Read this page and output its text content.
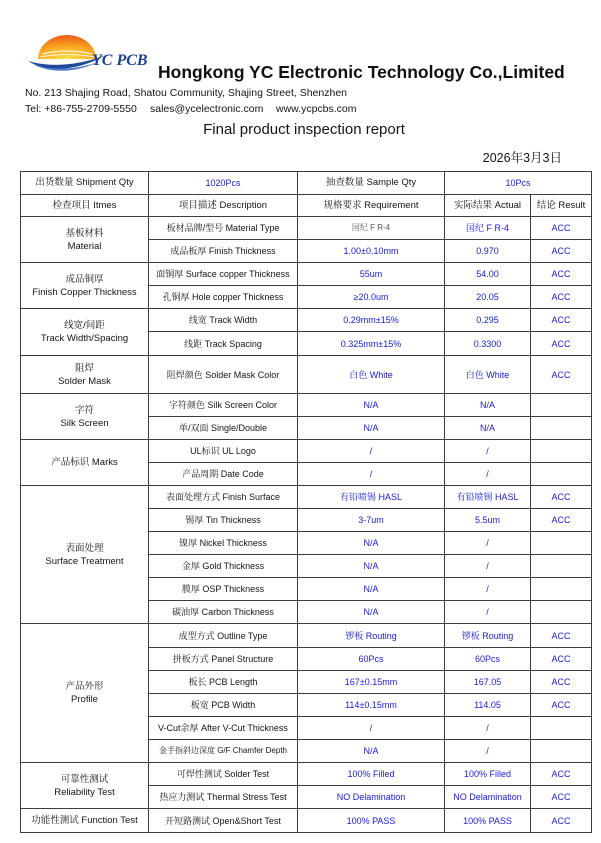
YC PCB
Hongkong YC Electronic Technology Co.,Limited
No. 213 Shajing Road, Shatou Community, Shajing Street, Shenzhen
Tel: +86-755-2709-5550 sales@ycelectronic.com www.ycpcbs.com
Final product inspection report
2026年3月3日
出货数量 Shipment Qty	1020Pcs	抽查数量 Sample Qty	10Pcs	
检查项目 Itmes	项目描述 Description	规格要求 Requirement	实际结果 Actual	结论 Result

基板材料
Material	板材品牌/型号 Material Type	国纪 F R-4	国纪 F R-4	ACC
	成品板厚 Finish Thickness	1.00±0.10mm	0.970	ACC

成品铜厚
Finish Copper Thickness	面铜厚 Surface copper Thickness	55um	54.00	ACC
	孔铜厚 Hole copper Thickness	≥20.0um	20.05	ACC

线宽/间距
Track Width/Spacing	线宽 Track Width	0.29mm±15%	0.295	ACC
	线距 Track Spacing	0.325mm±15%	0.3300	ACC

阻焊
Solder Mask	阻焊颜色 Solder Mask Color	白色 White	白色 White	ACC

字符
Silk Screen	字符颜色 Silk Screen Color	N/A	N/A	
	单/双面 Single/Double	N/A	N/A	

产品标识 Marks	UL标识 UL Logo	/	/	
	产品周期 Date Code	/	/	

表面处理
Surface Treatment	表面处理方式 Finish Surface	有铅喷锡 HASL	有铅喷锡 HASL	ACC
	锡厚 Tin Thickness	3-7um	5.5um	ACC
	镍厚 Nickel Thickness	N/A	/	
	金厚 Gold Thickness	N/A	/	
	膜厚 OSP Thickness	N/A	/	
	碳油厚 Carbon Thickness	N/A	/	

产品外形
Profile	成型方式 Outline Type	锣板 Routing	锣板 Routing	ACC
	拼板方式 Panel Structure	60Pcs	60Pcs	ACC
	板长 PCB Length	167±0.15mm	167.05	ACC
	板宽 PCB Width	114±0.15mm	114.05	ACC
	V-Cut余厚 After V-Cut Thickness	/	/	
	金手指斜边深度 G/F Chamfer Depth	N/A	/	

可靠性测试
Reliability Test	可焊性测试 Solder Test	100% Filled	100% Filled	ACC
	热应力测试 Thermal Stress Test	NO Delamination	NO Delamination	ACC

功能性测试 Function Test	开短路测试 Open&Short Test	100% PASS	100% PASS	ACC
